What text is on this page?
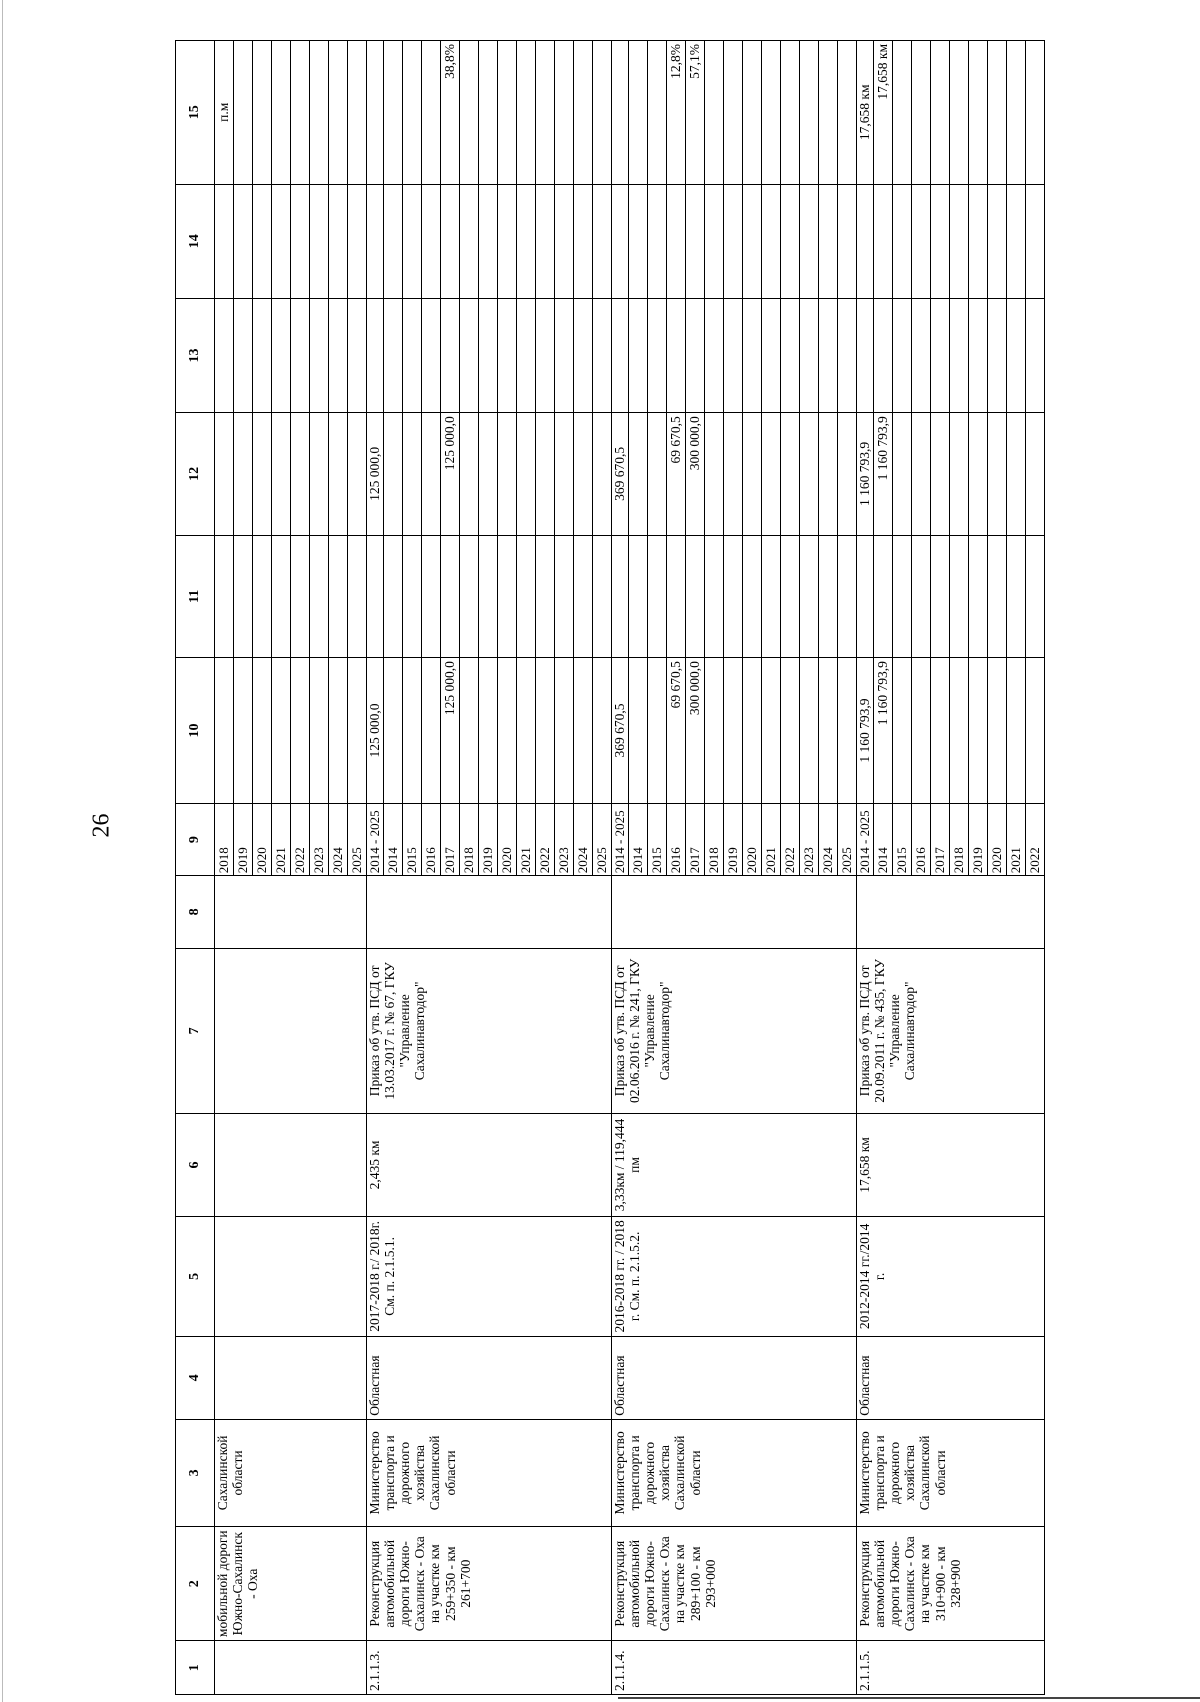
26
1	2	3	4	5	6	7	8	9	10	11	12	13	14	15
	мобильной дороги Южно-Сахалинск - Оха	Сахалинской области						2018						п.м
								2019						
								2020						
								2021						
								2022						
								2023						
								2024						
								2025						
2.1.1.3.	Реконструкция автомобильной дороги Южно-Сахалинск - Оха на участке км 259+350 - км 261+700	Министерство транспорта и дорожного хозяйства Сахалинской области	Областная	2017-2018 г./ 2018г. См. п. 2.1.5.1.	2,435 км	Приказ об утв. ПСД от 13.03.2017 г. № 67, ГКУ "Управление Сахалинавтодор"		2014 - 2025	125 000,0		125 000,0			
								2014						
								2015						
								2016						
								2017	125 000,0		125 000,0			38,8%
								2018						
								2019						
								2020						
								2021						
								2022						
								2023						
								2024						
								2025						
2.1.1.4.	Реконструкция автомобильной дороги Южно-Сахалинск - Оха на участке км 289+100 - км 293+000	Министерство транспорта и дорожного хозяйства Сахалинской области	Областная	2016-2018 гг. / 2018 г. См. п. 2.1.5.2.	3,33км / 119,444 пм	Приказ об утв. ПСД от 02.06.2016 г. № 241, ГКУ "Управление Сахалинавтодор"		2014 - 2025	369 670,5		369 670,5			
								2014						
								2015						
								2016	69 670,5		69 670,5			12,8%
								2017	300 000,0		300 000,0			57,1%
								2018						
								2019						
								2020						
								2021						
								2022						
								2023						
								2024						
								2025						
2.1.1.5.	Реконструкция автомобильной дороги Южно-Сахалинск - Оха на участке км 310+900 - км 328+900	Министерство транспорта и дорожного хозяйства Сахалинской области	Областная	2012-2014 гг./2014 г.	17,658 км	Приказ об утв. ПСД от 20.09.2011 г. № 435, ГКУ "Управление Сахалинавтодор"		2014 - 2025	1 160 793,9		1 160 793,9			17,658 км
								2014	1 160 793,9		1 160 793,9			17,658 км
								2015						
								2016						
								2017						
								2018						
								2019						
								2020						
								2021						
								2022						
